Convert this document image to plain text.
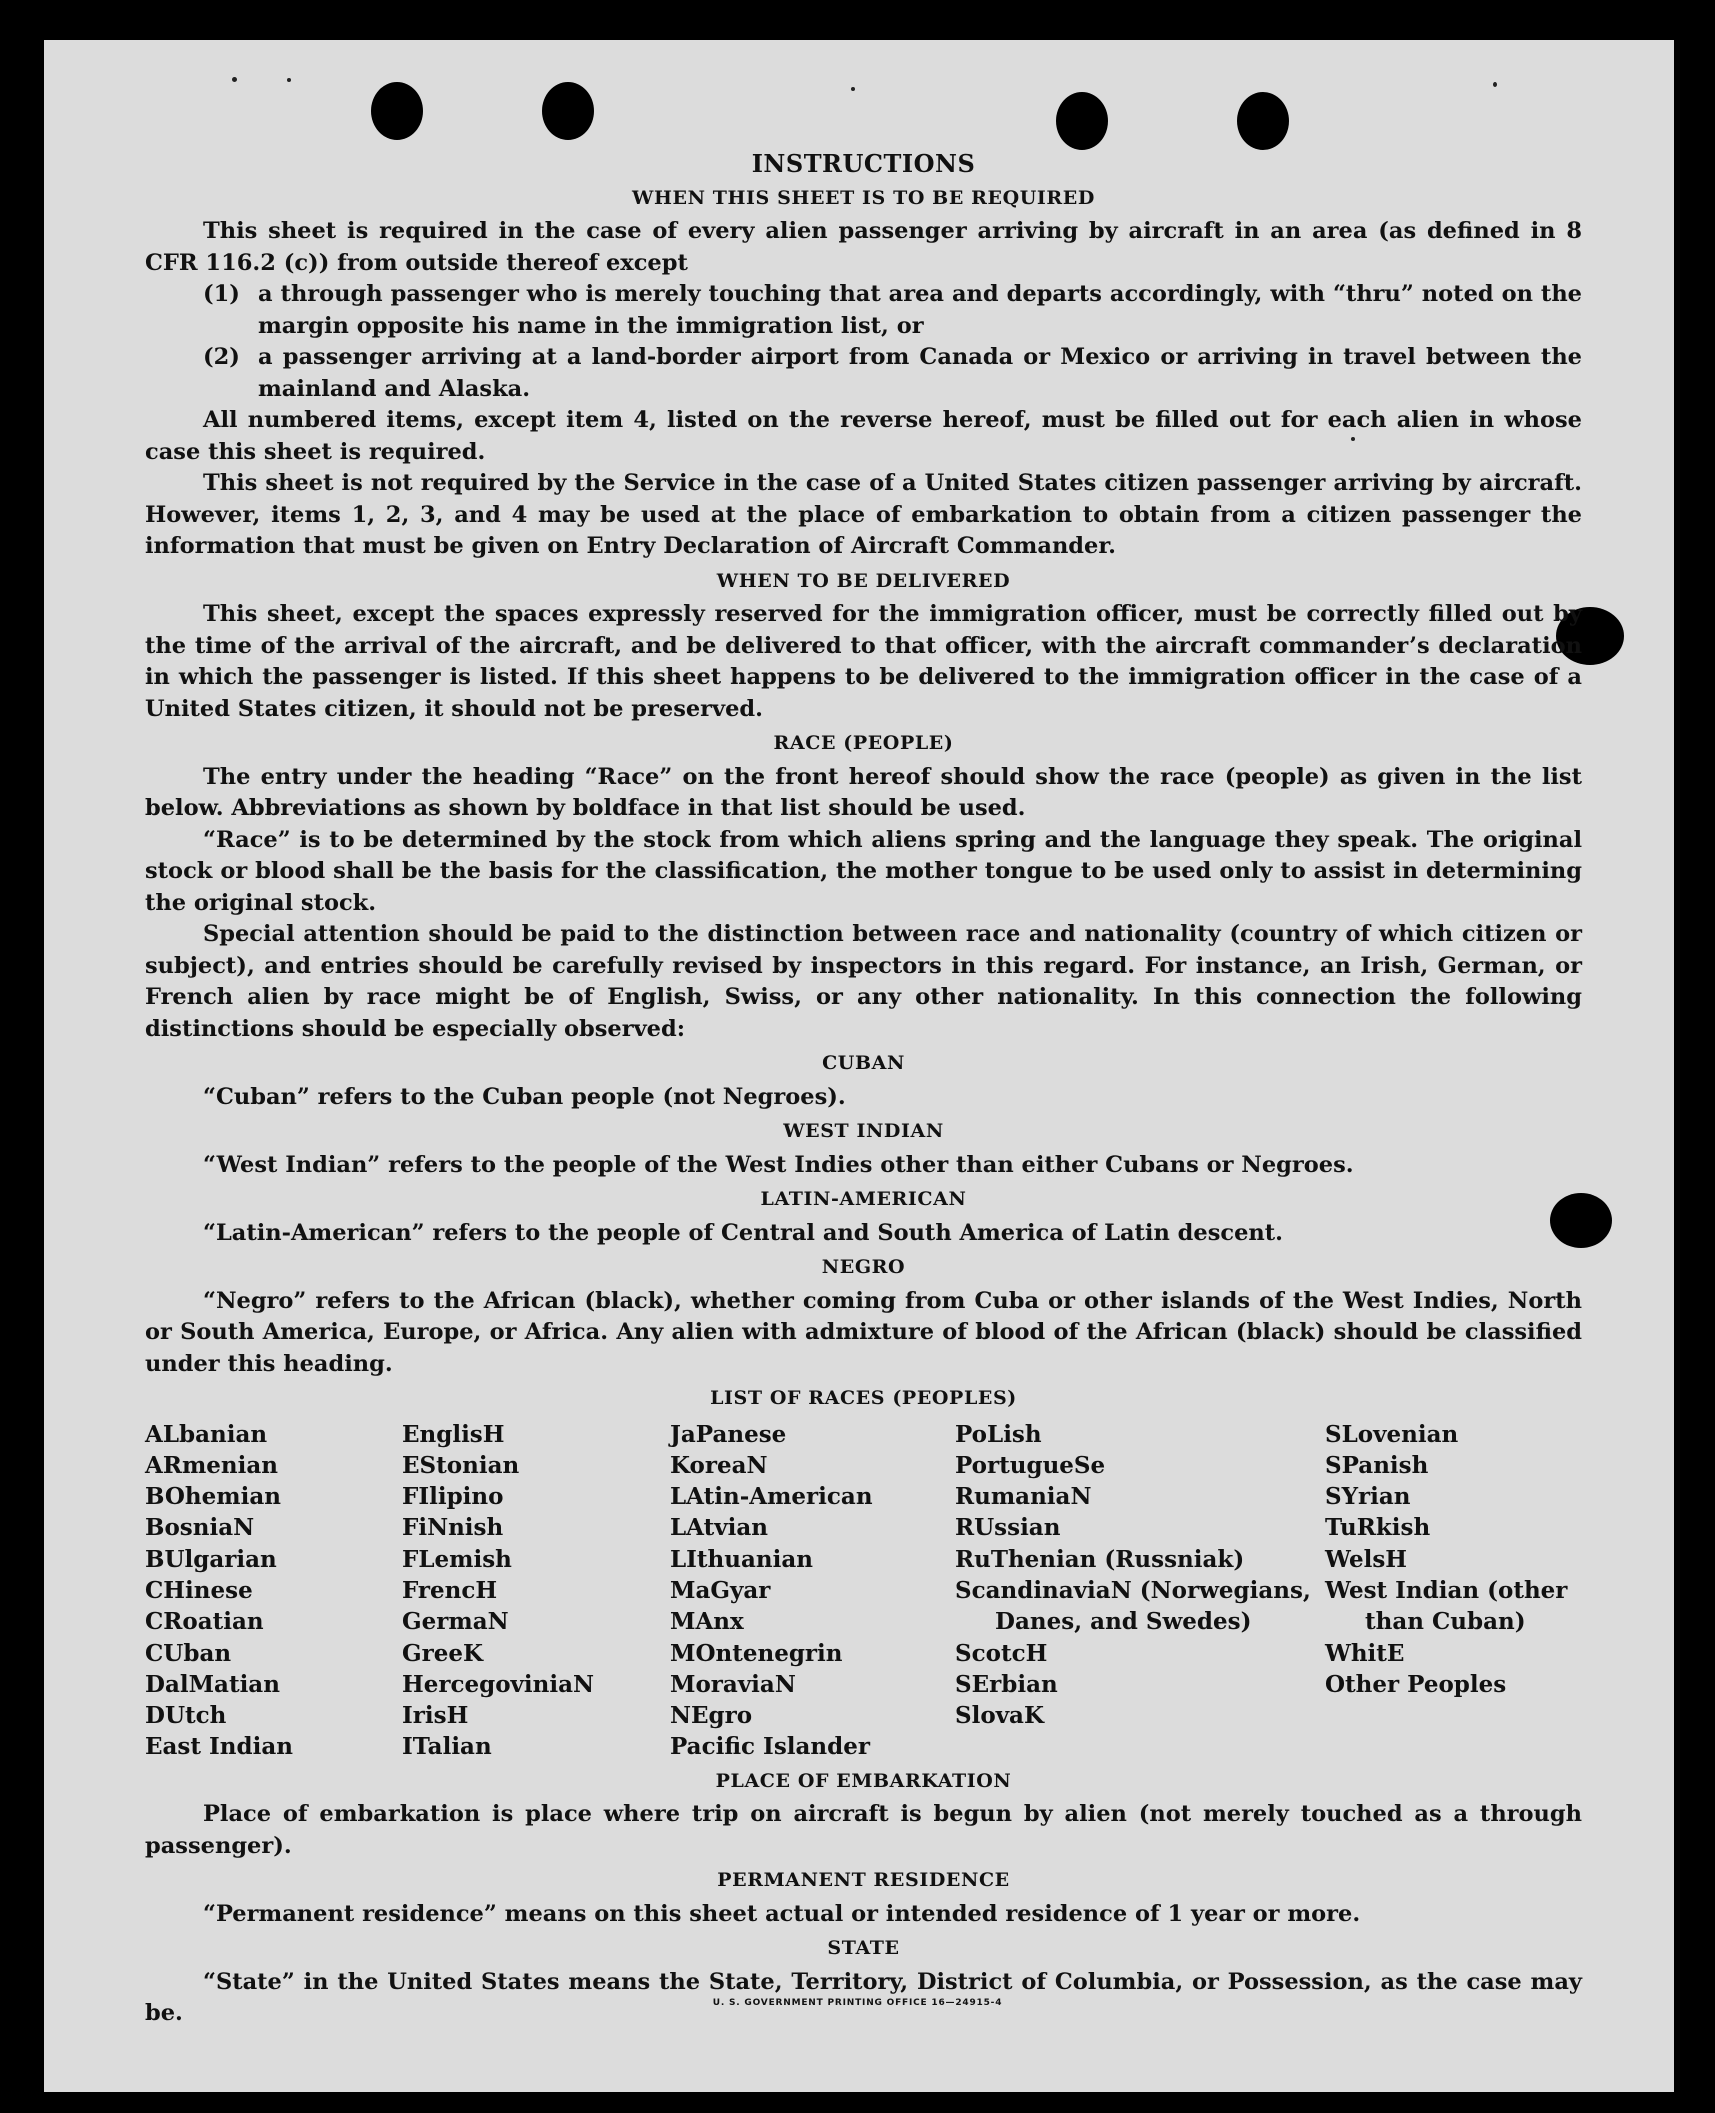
INSTRUCTIONS
WHEN THIS SHEET IS TO BE REQUIRED

This sheet is required in the case of every alien passenger arriving by aircraft in an area (as defined in 8 CFR 116.2 (c)) from outside thereof except

(1) a through passenger who is merely touching that area and departs accordingly, with “thru” noted on the margin opposite his name in the immigration list, or

(2) a passenger arriving at a land-border airport from Canada or Mexico or arriving in travel between the mainland and Alaska.

All numbered items, except item 4, listed on the reverse hereof, must be filled out for each alien in whose case this sheet is required.

This sheet is not required by the Service in the case of a United States citizen passenger arriving by aircraft. However, items 1, 2, 3, and 4 may be used at the place of embarkation to obtain from a citizen passenger the information that must be given on Entry Declaration of Aircraft Commander.

WHEN TO BE DELIVERED

This sheet, except the spaces expressly reserved for the immigration officer, must be correctly filled out by the time of the arrival of the aircraft, and be delivered to that officer, with the aircraft commander’s declaration in which the passenger is listed. If this sheet happens to be delivered to the immigration officer in the case of a United States citizen, it should not be preserved.

RACE (PEOPLE)

The entry under the heading “Race” on the front hereof should show the race (people) as given in the list below. Abbreviations as shown by boldface in that list should be used.

“Race” is to be determined by the stock from which aliens spring and the language they speak. The original stock or blood shall be the basis for the classification, the mother tongue to be used only to assist in determining the original stock.

Special attention should be paid to the distinction between race and nationality (country of which citizen or subject), and entries should be carefully revised by inspectors in this regard. For instance, an Irish, German, or French alien by race might be of English, Swiss, or any other nationality. In this connection the following distinctions should be especially observed:

CUBAN

“Cuban” refers to the Cuban people (not Negroes).

WEST INDIAN

“West Indian” refers to the people of the West Indies other than either Cubans or Negroes.

LATIN-AMERICAN

“Latin-American” refers to the people of Central and South America of Latin descent.

NEGRO

“Negro” refers to the African (black), whether coming from Cuba or other islands of the West Indies, North or South America, Europe, or Africa. Any alien with admixture of blood of the African (black) should be classified under this heading.

LIST OF RACES (PEOPLES)
ALbanian
ARmenian
BOhemian
BosniaN
BUlgarian
CHinese
CRoatian
CUban
DalMatian
DUtch
East Indian
EnglisH
EStonian
FIlipino
FiNnish
FLemish
FrencH
GermaN
GreeK
HercegoviniaN
IrisH
ITalian
JaPanese
KoreaN
LAtin-American
LAtvian
LIthuanian
MaGyar
MAnx
MOntenegrin
MoraviaN
NEgro
Pacific Islander
PoLish
PortugueSe
RumaniaN
RUssian
RuThenian (Russniak)
ScandinaviaN (Norwegians, Danes, and Swedes)
ScotcH
SErbian
SlovaK
SLovenian
SPanish
SYrian
TuRkish
WelsH
West Indian (other than Cuban)
WhitE
Other Peoples
PLACE OF EMBARKATION

Place of embarkation is place where trip on aircraft is begun by alien (not merely touched as a through passenger).

PERMANENT RESIDENCE

“Permanent residence” means on this sheet actual or intended residence of 1 year or more.

STATE

“State” in the United States means the State, Territory, District of Columbia, or Possession, as the case may be.	U. S. GOVERNMENT PRINTING OFFICE 16—24915-4
